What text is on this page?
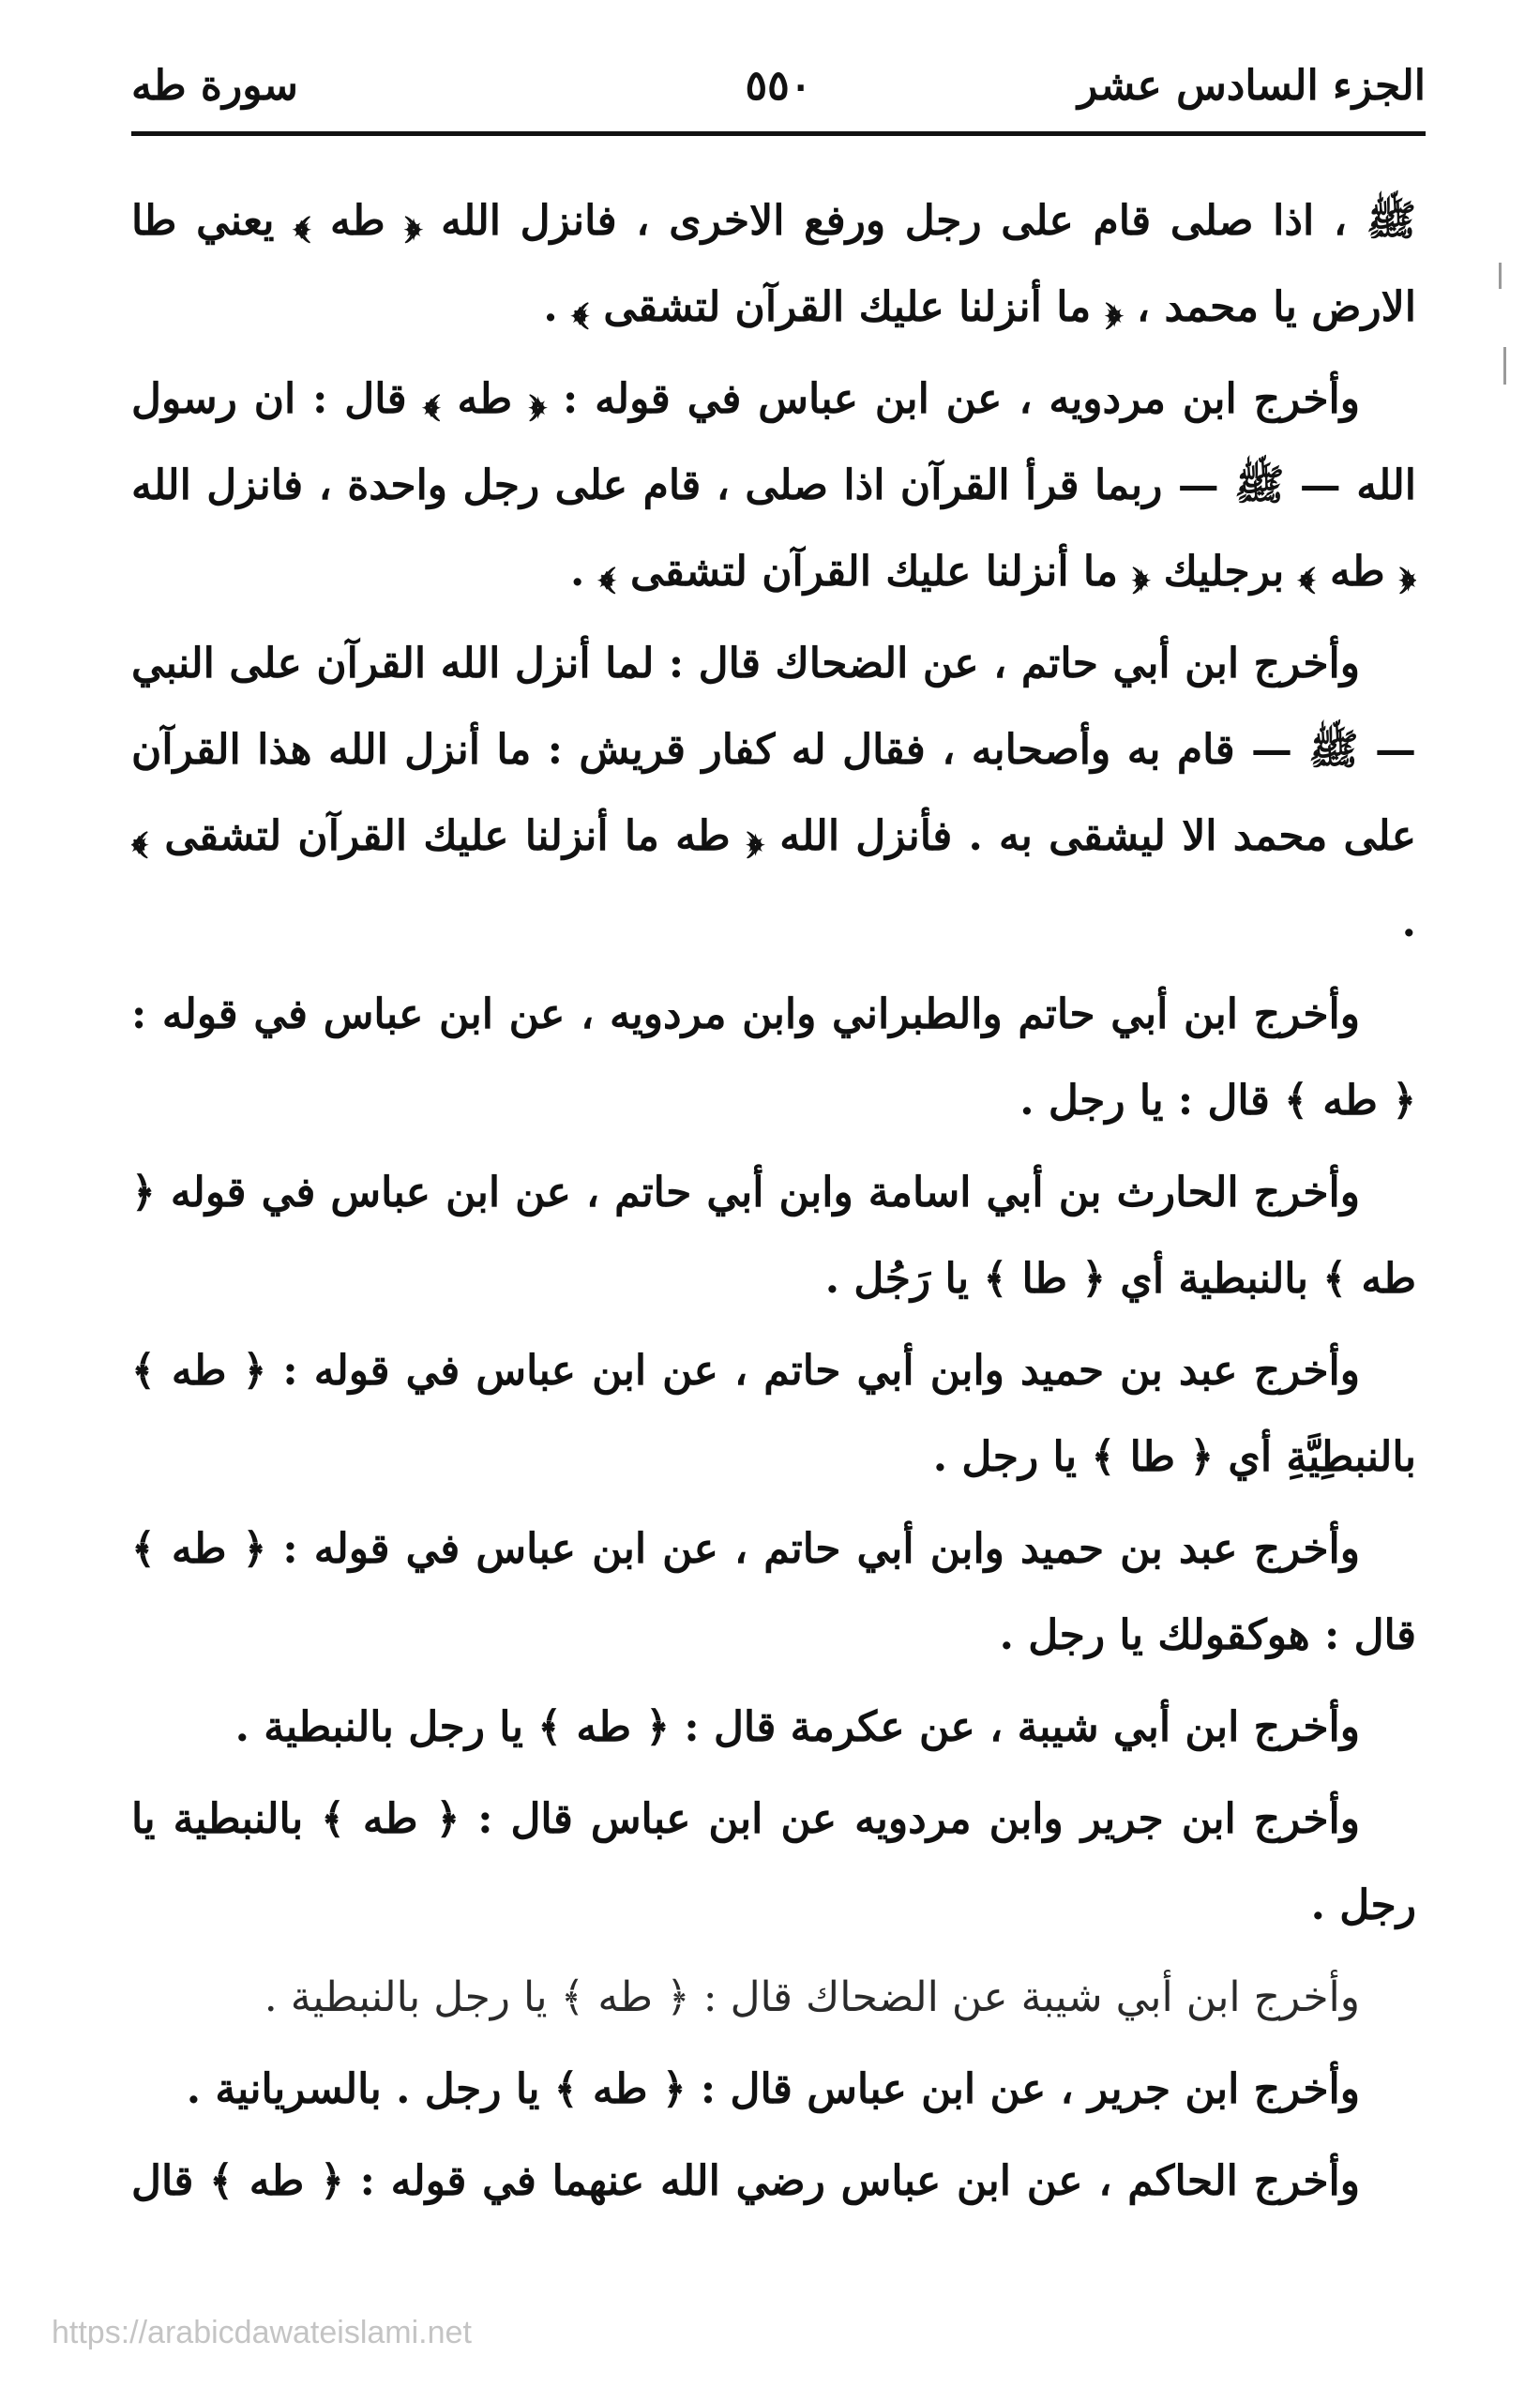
الجزء السادس عشر
٥٥٠
سورة طه

ﷺ ، اذا صلى قام على رجل ورفع الاخرى ، فانزل الله ﴿ طه ﴾ يعني طا الارض يا محمد ، ﴿ ما أنزلنا عليك القرآن لتشقى ﴾ .

وأخرج ابن مردويه ، عن ابن عباس في قوله : ﴿ طه ﴾ قال : ان رسول الله — ﷺ — ربما قرأ القرآن اذا صلى ، قام على رجل واحدة ، فانزل الله ﴿ طه ﴾ برجليك ﴿ ما أنزلنا عليك القرآن لتشقى ﴾ .

وأخرج ابن أبي حاتم ، عن الضحاك قال : لما أنزل الله القرآن على النبي — ﷺ — قام به وأصحابه ، فقال له كفار قريش : ما أنزل الله هذا القرآن على محمد الا ليشقى به . فأنزل الله ﴿ طه ما أنزلنا عليك القرآن لتشقى ﴾ .

وأخرج ابن أبي حاتم والطبراني وابن مردويه ، عن ابن عباس في قوله : ﴿ طه ﴾ قال : يا رجل .

وأخرج الحارث بن أبي اسامة وابن أبي حاتم ، عن ابن عباس في قوله ﴿ طه ﴾ بالنبطية أي ﴿ طا ﴾ يا رَجُل .

وأخرج عبد بن حميد وابن أبي حاتم ، عن ابن عباس في قوله : ﴿ طه ﴾ بالنبطِيَّةِ أي ﴿ طا ﴾ يا رجل .

وأخرج عبد بن حميد وابن أبي حاتم ، عن ابن عباس في قوله : ﴿ طه ﴾ قال : هوكقولك يا رجل .

وأخرج ابن أبي شيبة ، عن عكرمة قال : ﴿ طه ﴾ يا رجل بالنبطية .

وأخرج ابن جرير وابن مردويه عن ابن عباس قال : ﴿ طه ﴾ بالنبطية يا رجل .

وأخرج ابن أبي شيبة عن الضحاك قال : ﴿ طه ﴾ يا رجل بالنبطية .

وأخرج ابن جرير ، عن ابن عباس قال : ﴿ طه ﴾ يا رجل . بالسريانية .

وأخرج الحاكم ، عن ابن عباس رضي الله عنهما في قوله : ﴿ طه ﴾ قال

https://arabicdawateislami.net
